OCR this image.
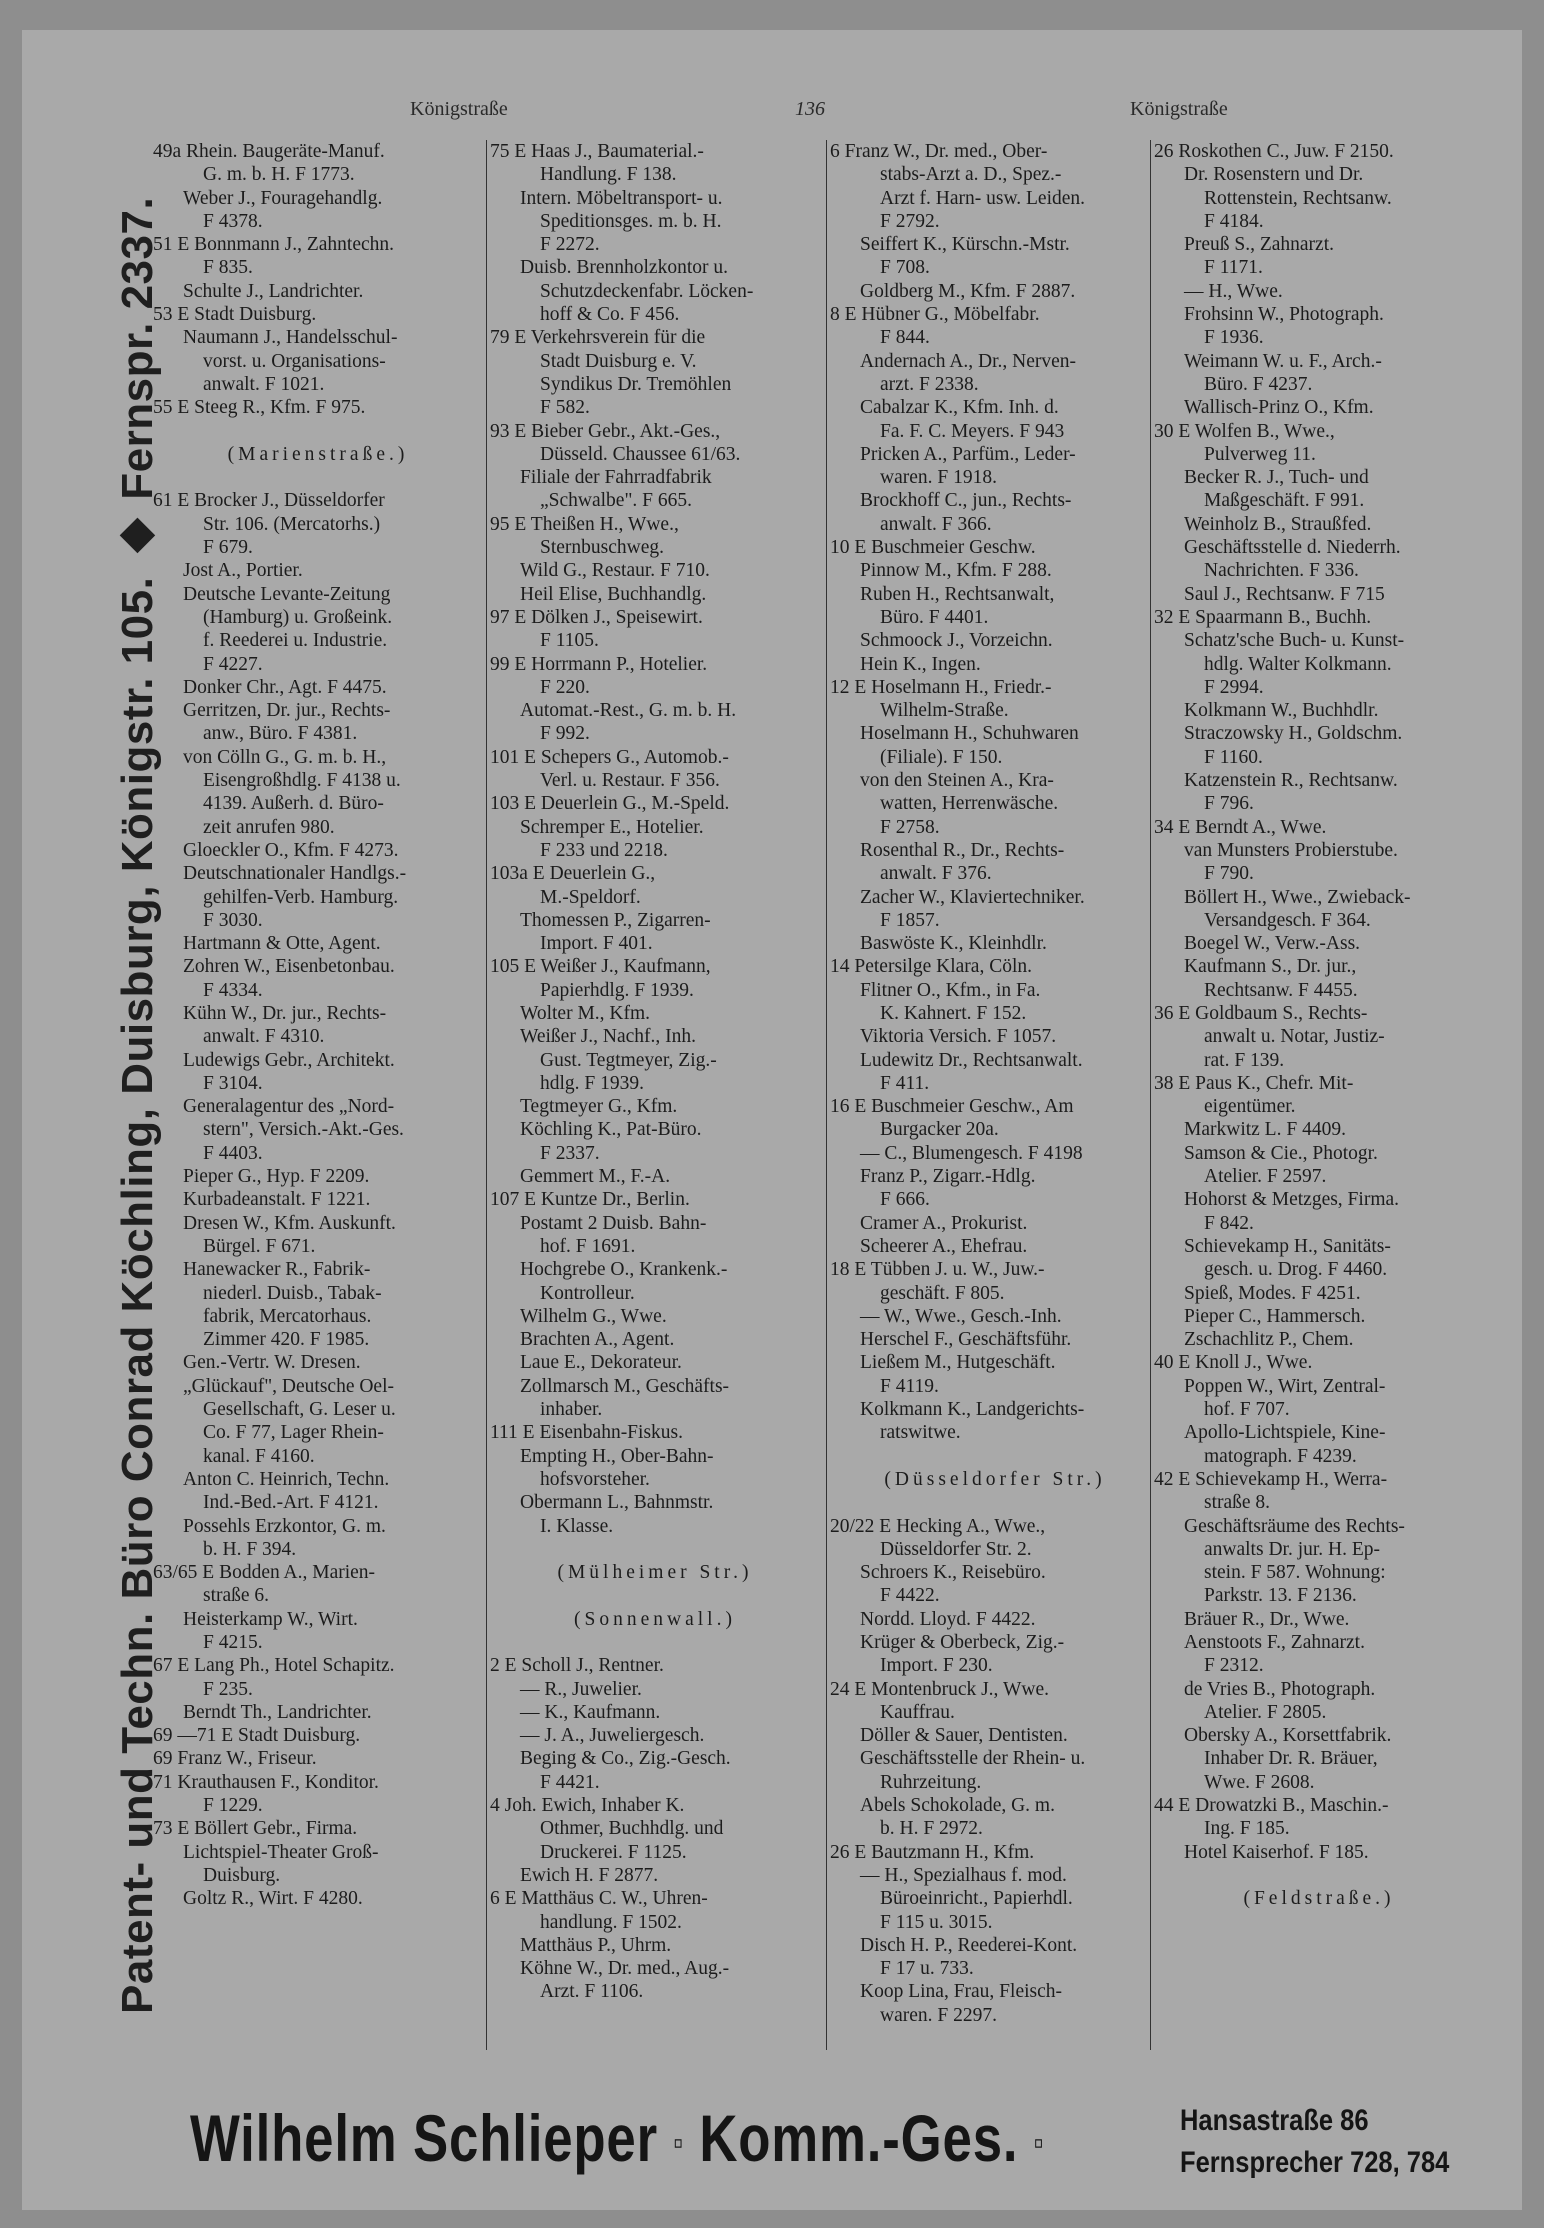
Königstraße	136	Königstraße
Patent- und Techn. Büro Conrad Köchling, Duisburg, Königstr. 105. ◆ Fernspr. 2337.
49a Rhein. Baugeräte-Manuf.
G. m. b. H. F 1773.
Weber J., Fouragehandlg.
F 4378.
51 E Bonnmann J., Zahntechn.
F 835.
Schulte J., Landrichter.
53 E Stadt Duisburg.
Naumann J., Handelsschul-
vorst. u. Organisations-
anwalt. F 1021.
55 E Steeg R., Kfm. F 975.
(Marienstraße.)
61 E Brocker J., Düsseldorfer
Str. 106. (Mercatorhs.)
F 679.
Jost A., Portier.
Deutsche Levante-Zeitung
(Hamburg) u. Großeink.
f. Reederei u. Industrie.
F 4227.
Donker Chr., Agt. F 4475.
Gerritzen, Dr. jur., Rechts-
anw., Büro. F 4381.
von Cölln G., G. m. b. H.,
Eisengroßhdlg. F 4138 u.
4139. Außerh. d. Büro-
zeit anrufen 980.
Gloeckler O., Kfm. F 4273.
Deutschnationaler Handlgs.-
gehilfen-Verb. Hamburg.
F 3030.
Hartmann & Otte, Agent.
Zohren W., Eisenbetonbau.
F 4334.
Kühn W., Dr. jur., Rechts-
anwalt. F 4310.
Ludewigs Gebr., Architekt.
F 3104.
Generalagentur des „Nord-
stern", Versich.-Akt.-Ges.
F 4403.
Pieper G., Hyp. F 2209.
Kurbadeanstalt. F 1221.
Dresen W., Kfm. Auskunft.
Bürgel. F 671.
Hanewacker R., Fabrik-
niederl. Duisb., Tabak-
fabrik, Mercatorhaus.
Zimmer 420. F 1985.
Gen.-Vertr. W. Dresen.
„Glückauf", Deutsche Oel-
Gesellschaft, G. Leser u.
Co. F 77, Lager Rhein-
kanal. F 4160.
Anton C. Heinrich, Techn.
Ind.-Bed.-Art. F 4121.
Possehls Erzkontor, G. m.
b. H. F 394.
63/65 E Bodden A., Marien-
straße 6.
Heisterkamp W., Wirt.
F 4215.
67 E Lang Ph., Hotel Schapitz.
F 235.
Berndt Th., Landrichter.
69 —71 E Stadt Duisburg.
69 Franz W., Friseur.
71 Krauthausen F., Konditor.
F 1229.
73 E Böllert Gebr., Firma.
Lichtspiel-Theater Groß-
Duisburg.
Goltz R., Wirt. F 4280.
75 E Haas J., Baumaterial.-
Handlung. F 138.
Intern. Möbeltransport- u.
Speditionsges. m. b. H.
F 2272.
Duisb. Brennholzkontor u.
Schutzdeckenfabr. Löcken-
hoff & Co. F 456.
79 E Verkehrsverein für die
Stadt Duisburg e. V.
Syndikus Dr. Tremöhlen
F 582.
93 E Bieber Gebr., Akt.-Ges.,
Düsseld. Chaussee 61/63.
Filiale der Fahrradfabrik
„Schwalbe". F 665.
95 E Theißen H., Wwe.,
Sternbuschweg.
Wild G., Restaur. F 710.
Heil Elise, Buchhandlg.
97 E Dölken J., Speisewirt.
F 1105.
99 E Horrmann P., Hotelier.
F 220.
Automat.-Rest., G. m. b. H.
F 992.
101 E Schepers G., Automob.-
Verl. u. Restaur. F 356.
103 E Deuerlein G., M.-Speld.
Schremper E., Hotelier.
F 233 und 2218.
103a E Deuerlein G.,
M.-Speldorf.
Thomessen P., Zigarren-
Import. F 401.
105 E Weißer J., Kaufmann,
Papierhdlg. F 1939.
Wolter M., Kfm.
Weißer J., Nachf., Inh.
Gust. Tegtmeyer, Zig.-
hdlg. F 1939.
Tegtmeyer G., Kfm.
Köchling K., Pat-Büro.
F 2337.
Gemmert M., F.-A.
107 E Kuntze Dr., Berlin.
Postamt 2 Duisb. Bahn-
hof. F 1691.
Hochgrebe O., Krankenk.-
Kontrolleur.
Wilhelm G., Wwe.
Brachten A., Agent.
Laue E., Dekorateur.
Zollmarsch M., Geschäfts-
inhaber.
111 E Eisenbahn-Fiskus.
Empting H., Ober-Bahn-
hofsvorsteher.
Obermann L., Bahnmstr.
I. Klasse.
(Mülheimer Str.)
(Sonnenwall.)
2 E Scholl J., Rentner.
— R., Juwelier.
— K., Kaufmann.
— J. A., Juweliergesch.
Beging & Co., Zig.-Gesch.
F 4421.
4 Joh. Ewich, Inhaber K.
Othmer, Buchhdlg. und
Druckerei. F 1125.
Ewich H. F 2877.
6 E Matthäus C. W., Uhren-
handlung. F 1502.
Matthäus P., Uhrm.
Köhne W., Dr. med., Aug.-
Arzt. F 1106.
6 Franz W., Dr. med., Ober-
stabs-Arzt a. D., Spez.-
Arzt f. Harn- usw. Leiden.
F 2792.
Seiffert K., Kürschn.-Mstr.
F 708.
Goldberg M., Kfm. F 2887.
8 E Hübner G., Möbelfabr.
F 844.
Andernach A., Dr., Nerven-
arzt. F 2338.
Cabalzar K., Kfm. Inh. d.
Fa. F. C. Meyers. F 943
Pricken A., Parfüm., Leder-
waren. F 1918.
Brockhoff C., jun., Rechts-
anwalt. F 366.
10 E Buschmeier Geschw.
Pinnow M., Kfm. F 288.
Ruben H., Rechtsanwalt,
Büro. F 4401.
Schmoock J., Vorzeichn.
Hein K., Ingen.
12 E Hoselmann H., Friedr.-
Wilhelm-Straße.
Hoselmann H., Schuhwaren
(Filiale). F 150.
von den Steinen A., Kra-
watten, Herrenwäsche.
F 2758.
Rosenthal R., Dr., Rechts-
anwalt. F 376.
Zacher W., Klaviertechniker.
F 1857.
Baswöste K., Kleinhdlr.
14 Petersilge Klara, Cöln.
Flitner O., Kfm., in Fa.
K. Kahnert. F 152.
Viktoria Versich. F 1057.
Ludewitz Dr., Rechtsanwalt.
F 411.
16 E Buschmeier Geschw., Am
Burgacker 20a.
— C., Blumengesch. F 4198
Franz P., Zigarr.-Hdlg.
F 666.
Cramer A., Prokurist.
Scheerer A., Ehefrau.
18 E Tübben J. u. W., Juw.-
geschäft. F 805.
— W., Wwe., Gesch.-Inh.
Herschel F., Geschäftsführ.
Ließem M., Hutgeschäft.
F 4119.
Kolkmann K., Landgerichts-
ratswitwe.
(Düsseldorfer Str.)
20/22 E Hecking A., Wwe.,
Düsseldorfer Str. 2.
Schroers K., Reisebüro.
F 4422.
Nordd. Lloyd. F 4422.
Krüger & Oberbeck, Zig.-
Import. F 230.
24 E Montenbruck J., Wwe.
Kauffrau.
Döller & Sauer, Dentisten.
Geschäftsstelle der Rhein- u.
Ruhrzeitung.
Abels Schokolade, G. m.
b. H. F 2972.
26 E Bautzmann H., Kfm.
— H., Spezialhaus f. mod.
Büroeinricht., Papierhdl.
F 115 u. 3015.
Disch H. P., Reederei-Kont.
F 17 u. 733.
Koop Lina, Frau, Fleisch-
waren. F 2297.
26 Roskothen C., Juw. F 2150.
Dr. Rosenstern und Dr.
Rottenstein, Rechtsanw.
F 4184.
Preuß S., Zahnarzt.
F 1171.
— H., Wwe.
Frohsinn W., Photograph.
F 1936.
Weimann W. u. F., Arch.-
Büro. F 4237.
Wallisch-Prinz O., Kfm.
30 E Wolfen B., Wwe.,
Pulverweg 11.
Becker R. J., Tuch- und
Maßgeschäft. F 991.
Weinholz B., Straußfed.
Geschäftsstelle d. Niederrh.
Nachrichten. F 336.
Saul J., Rechtsanw. F 715
32 E Spaarmann B., Buchh.
Schatz'sche Buch- u. Kunst-
hdlg. Walter Kolkmann.
F 2994.
Kolkmann W., Buchhdlr.
Straczowsky H., Goldschm.
F 1160.
Katzenstein R., Rechtsanw.
F 796.
34 E Berndt A., Wwe.
van Munsters Probierstube.
F 790.
Böllert H., Wwe., Zwieback-
Versandgesch. F 364.
Boegel W., Verw.-Ass.
Kaufmann S., Dr. jur.,
Rechtsanw. F 4455.
36 E Goldbaum S., Rechts-
anwalt u. Notar, Justiz-
rat. F 139.
38 E Paus K., Chefr. Mit-
eigentümer.
Markwitz L. F 4409.
Samson & Cie., Photogr.
Atelier. F 2597.
Hohorst & Metzges, Firma.
F 842.
Schievekamp H., Sanitäts-
gesch. u. Drog. F 4460.
Spieß, Modes. F 4251.
Pieper C., Hammersch.
Zschachlitz P., Chem.
40 E Knoll J., Wwe.
Poppen W., Wirt, Zentral-
hof. F 707.
Apollo-Lichtspiele, Kine-
matograph. F 4239.
42 E Schievekamp H., Werra-
straße 8.
Geschäftsräume des Rechts-
anwalts Dr. jur. H. Ep-
stein. F 587. Wohnung:
Parkstr. 13. F 2136.
Bräuer R., Dr., Wwe.
Aenstoots F., Zahnarzt.
F 2312.
de Vries B., Photograph.
Atelier. F 2805.
Obersky A., Korsettfabrik.
Inhaber Dr. R. Bräuer,
Wwe. F 2608.
44 E Drowatzki B., Maschin.-
Ing. F 185.
Hotel Kaiserhof. F 185.
(Feldstraße.)
Wilhelm Schlieper ▫ Komm.-Ges. ▫
Hansastraße 86
Fernsprecher 728, 784
